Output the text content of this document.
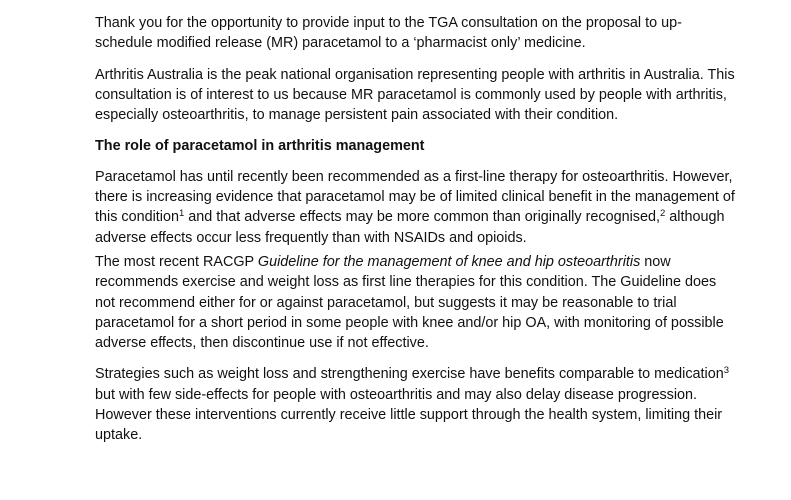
Thank you for the opportunity to provide input to the TGA consultation on the proposal to up-schedule modified release (MR) paracetamol to a ‘pharmacist only’ medicine.

Arthritis Australia is the peak national organisation representing people with arthritis in Australia. This consultation is of interest to us because MR paracetamol is commonly used by people with arthritis, especially osteoarthritis, to manage persistent pain associated with their condition.

The role of paracetamol in arthritis management

Paracetamol has until recently been recommended as a first-line therapy for osteoarthritis. However, there is increasing evidence that paracetamol may be of limited clinical benefit in the management of this condition$^1$ and that adverse effects may be more common than originally recognised,$^2$ although adverse effects occur less frequently than with NSAIDs and opioids.

The most recent RACGP Guideline for the management of knee and hip osteoarthritis now recommends exercise and weight loss as first line therapies for this condition. The Guideline does not recommend either for or against paracetamol, but suggests it may be reasonable to trial paracetamol for a short period in some people with knee and/or hip OA, with monitoring of possible adverse effects, then discontinue use if not effective.

Strategies such as weight loss and strengthening exercise have benefits comparable to medication$^3$ but with few side-effects for people with osteoarthritis and may also delay disease progression. However these interventions currently receive little support through the health system, limiting their uptake.
